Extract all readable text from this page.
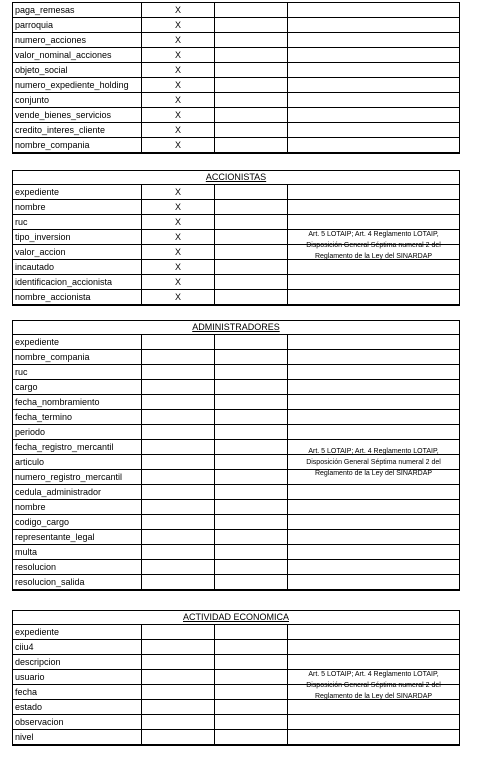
paga_remesas	X
parroquia	X
numero_acciones	X
valor_nominal_acciones	X
objeto_social	X
numero_expediente_holding	X
conjunto	X
vende_bienes_servicios	X
credito_interes_cliente	X
nombre_compania	X
ACCIONISTAS
expediente	X
nombre	X
ruc	X
tipo_inversion	X
valor_accion	X
incautado	X
identificacion_accionista	X
nombre_accionista	X
Art. 5 LOTAIP; Art. 4 Reglamento LOTAIP, Disposición General Séptima numeral 2 del Reglamento de la Ley del SINARDAP
ADMINISTRADORES
expediente
nombre_compania
ruc
cargo
fecha_nombramiento
fecha_termino
periodo
fecha_registro_mercantil
articulo
numero_registro_mercantil
cedula_administrador
nombre
codigo_cargo
representante_legal
multa
resolucion
resolucion_salida
Art. 5 LOTAIP; Art. 4 Reglamento LOTAIP, Disposición General Séptima numeral 2 del Reglamento de la Ley del SINARDAP
ACTIVIDAD ECONOMICA
expediente
ciiu4
descripcion
usuario
fecha
estado
observacion
nivel
Art. 5 LOTAIP; Art. 4 Reglamento LOTAIP, Disposición General Séptima numeral 2 del Reglamento de la Ley del SINARDAP
